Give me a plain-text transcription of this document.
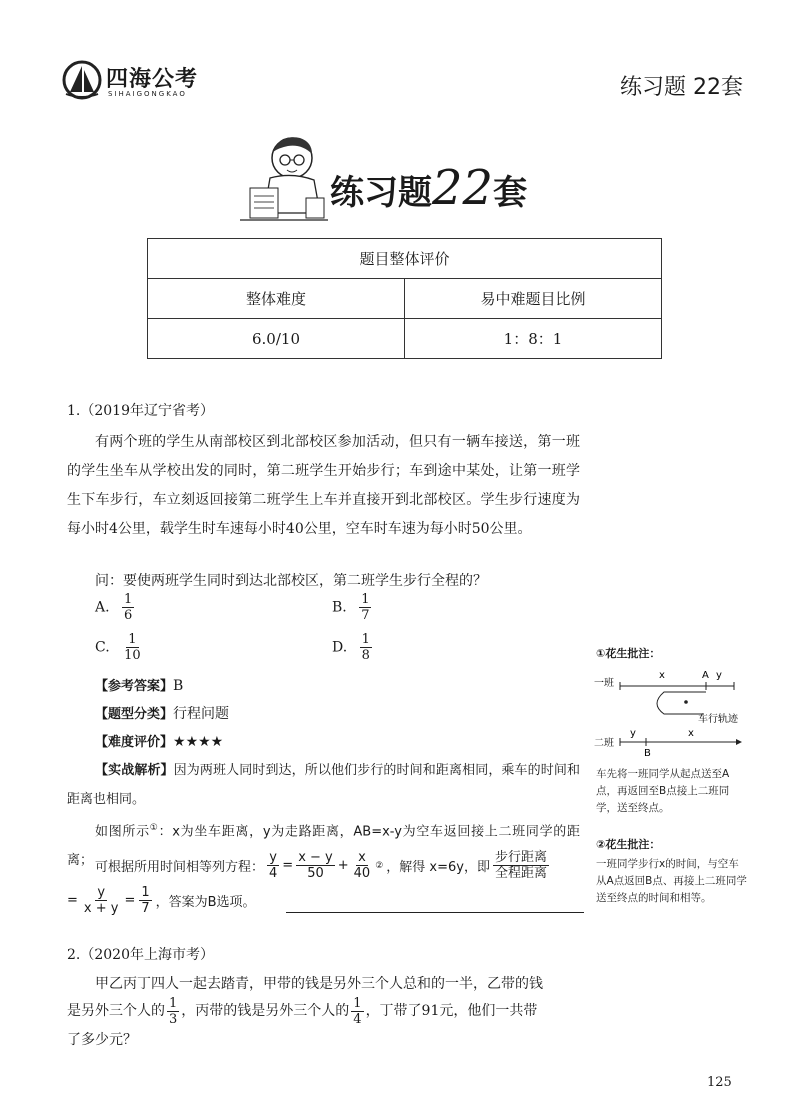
四海公考
SIHAIGONGKAO	练习题 22套
练习题22套
题目整体评价	
整体难度	易中难题目比例
6.0/10	1：8：1
1.（2019年辽宁省考）
有两个班的学生从南部校区到北部校区参加活动，但只有一辆车接送，第一班的学生坐车从学校出发的同时，第二班学生开始步行；车到途中某处，让第一班学生下车步行，车立刻返回接第二班学生上车并直接开到北部校区。学生步行速度为每小时4公里，载学生时车速每小时40公里，空车时车速为每小时50公里。
问：要使两班学生同时到达北部校区，第二班学生步行全程的？
A. $\frac{1}{6}$	B. $\frac{1}{7}$
C. $\frac{1}{10}$	D. $\frac{1}{8}$
【参考答案】B
【题型分类】行程问题
【难度评价】★★★★
【实战解析】因为两班人同时到达，所以他们步行的时间和距离相同，乘车的时间和距离也相同。
如图所示①：x为坐车距离，y为走路距离，AB=x-y为空车返回接上二班同学的距离； 可根据所用时间相等列方程： $\frac{y}{4} = \frac{x - y}{50} + \frac{x}{40}$ ② ，解得 x=6y，即 $\frac{\text{步行距离}}{\text{全程距离}}$
= $\frac{y}{x + y} = \frac{1}{7}$ ，答案为B选项。
2.（2020年上海市考）
甲乙丙丁四人一起去踏青，甲带的钱是另外三个人总和的一半，乙带的钱
是另外三个人的 $\frac{1}{3}$ ，丙带的钱是另外三个人的 $\frac{1}{4}$ ，丁带了91元，他们一共带
了多少元？
①花生批注：
一班
x	A y
车行轨迹
二班
y
B
x
车先将一班同学从起点送至A点，再返回至B点接上二班同学，送至终点。
②花生批注：
一班同学步行x的时间，与空车从A点返回B点、再接上二班同学送至终点的时间和相等。
125
